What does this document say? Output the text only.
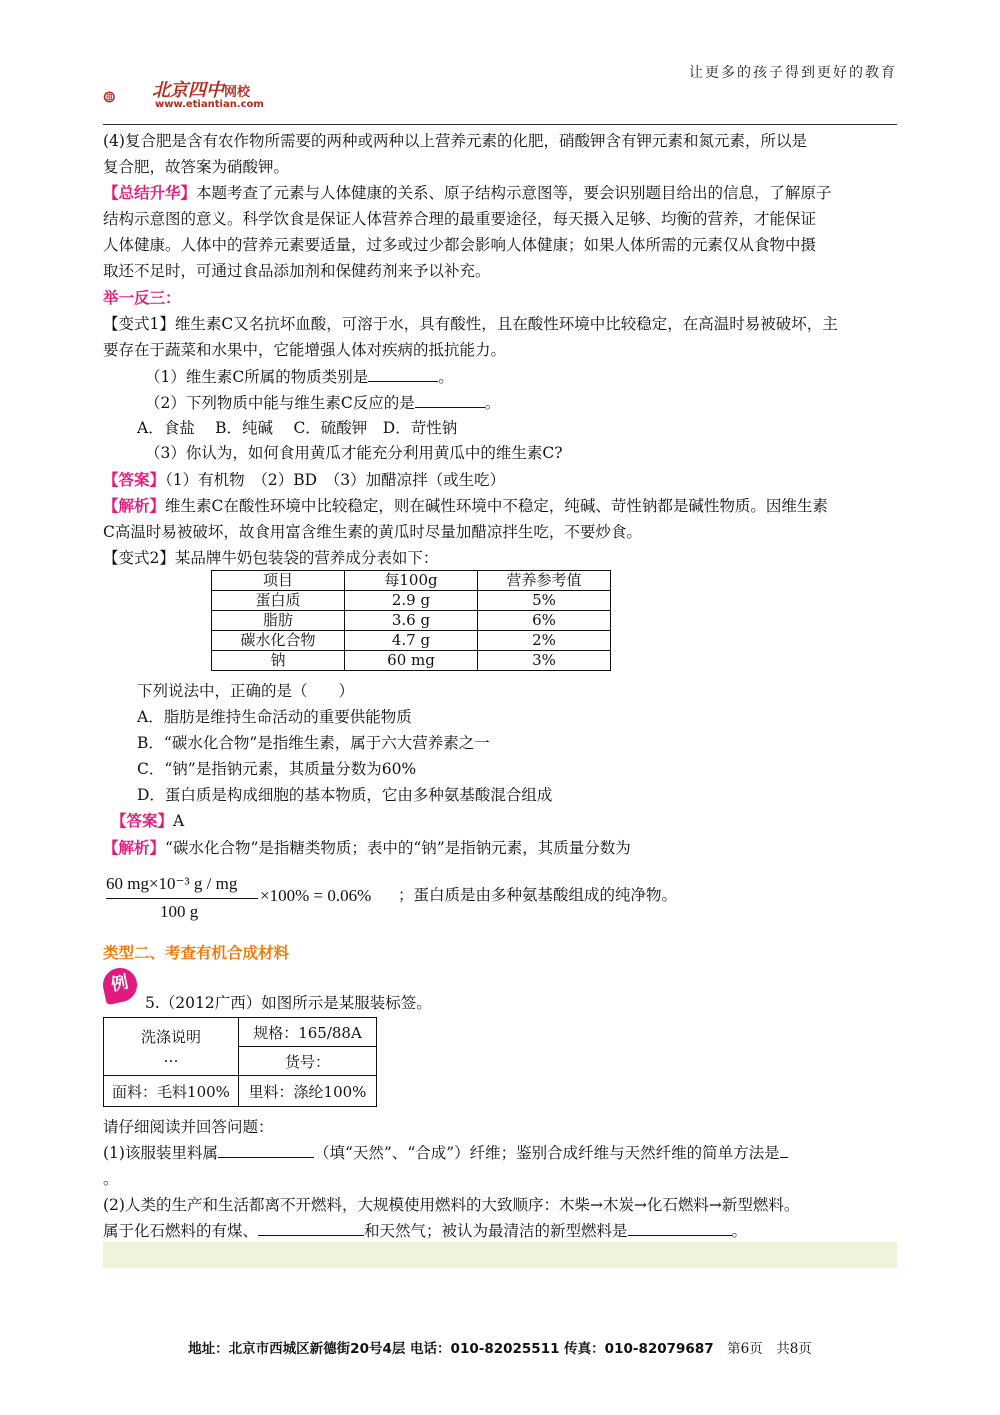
让更多的孩子得到更好的教育
北京四中网校
www.etiantian.com
(4)复合肥是含有农作物所需要的两种或两种以上营养元素的化肥，硝酸钾含有钾元素和氮元素，所以是
复合肥，故答案为硝酸钾。
【总结升华】本题考查了元素与人体健康的关系、原子结构示意图等，要会识别题目给出的信息，了解原子
结构示意图的意义。科学饮食是保证人体营养合理的最重要途径，每天摄入足够、均衡的营养，才能保证
人体健康。人体中的营养元素要适量，过多或过少都会影响人体健康；如果人体所需的元素仅从食物中摄
取还不足时，可通过食品添加剂和保健药剂来予以补充。
举一反三：
【变式1】维生素C又名抗坏血酸，可溶于水，具有酸性，且在酸性环境中比较稳定，在高温时易被破坏，主
要存在于蔬菜和水果中，它能增强人体对疾病的抵抗能力。
（1）维生素C所属的物质类别是	。
（2）下列物质中能与维生素C反应的是	。
A．食盐　 B．纯碱　 C．硫酸钾　D．苛性钠
（3）你认为，如何食用黄瓜才能充分利用黄瓜中的维生素C?
【答案】（1）有机物　（2）BD　（3）加醋凉拌（或生吃）
【解析】维生素C在酸性环境中比较稳定，则在碱性环境中不稳定，纯碱、苛性钠都是碱性物质。因维生素
C高温时易被破坏，故食用富含维生素的黄瓜时尽量加醋凉拌生吃，不要炒食。
【变式2】某品牌牛奶包装袋的营养成分表如下：
项目	每100g	营养参考值
蛋白质	2.9 g	5%
脂肪	3.6 g	6%
碳水化合物	4.7 g	2%
钠	60 mg	3%
下列说法中，正确的是（　　）
A．脂肪是维持生命活动的重要供能物质
B．“碳水化合物”是指维生素，属于六大营养素之一
C．“钠”是指钠元素，其质量分数为60%
D．蛋白质是构成细胞的基本物质，它由多种氨基酸混合组成
【答案】A
【解析】“碳水化合物”是指糖类物质；表中的“钠”是指钠元素，其质量分数为
60 mg×10⁻³ g / mg
100 g
×100% = 0.06% ；蛋白质是由多种氨基酸组成的纯净物。
类型二、考查有机合成材料
例
5.（2012广西）如图所示是某服装标签。
洗涤说明
…	规格：165/88A
	货号：
面料：毛料100%	里料：涤纶100%
请仔细阅读并回答问题：
(1)该服装里料属	（填“天然”、“合成”）纤维；鉴别合成纤维与天然纤维的简单方法是
。
(2)人类的生产和生活都离不开燃料，大规模使用燃料的大致顺序：木柴→木炭→化石燃料→新型燃料。
属于化石燃料的有煤、	和天然气；被认为最清洁的新型燃料是	。
地址：北京市西城区新德街20号4层 电话：010-82025511 传真：010-82079687　 第6页　共8页
